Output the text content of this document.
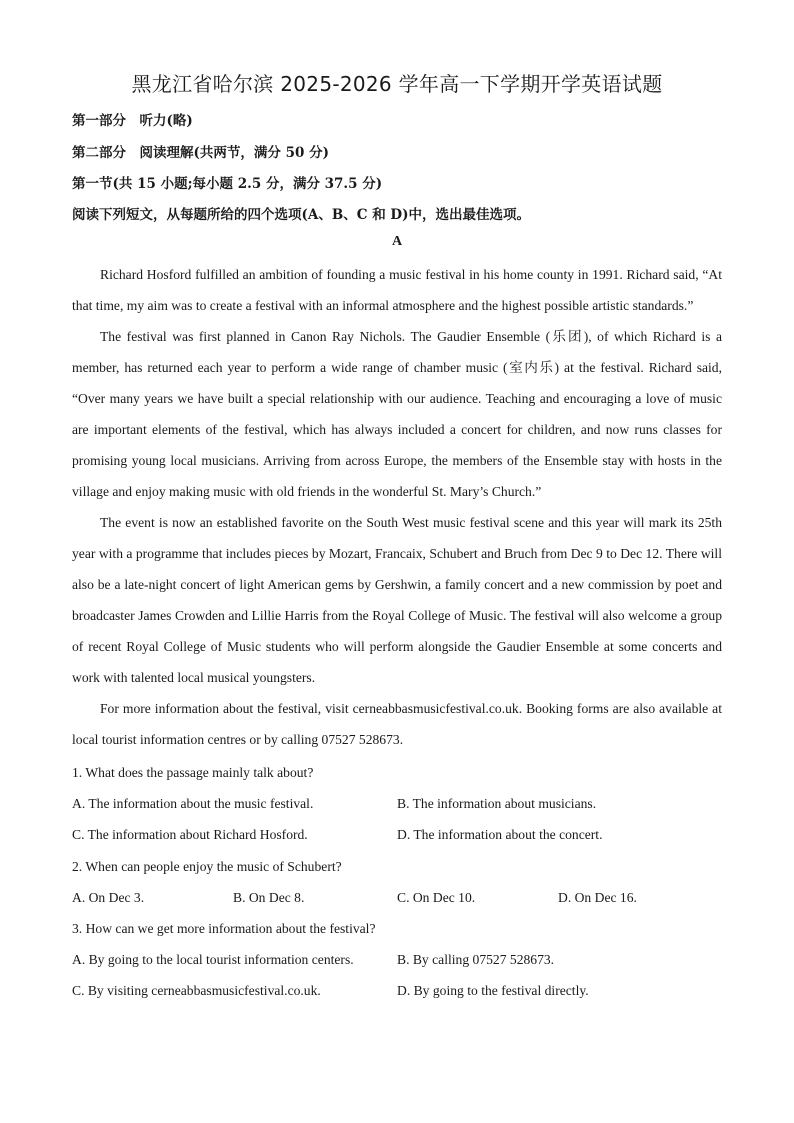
黑龙江省哈尔滨 2025-2026 学年高一下学期开学英语试题
第一部分　听力(略)
第二部分　阅读理解(共两节，满分 50 分)
第一节(共 15 小题;每小题 2.5 分，满分 37.5 分)
阅读下列短文，从每题所给的四个选项(A、B、C 和 D)中，选出最佳选项。
A

Richard Hosford fulfilled an ambition of founding a music festival in his home county in 1991. Richard said, “At that time, my aim was to create a festival with an informal atmosphere and the highest possible artistic standards.”

The festival was first planned in Canon Ray Nichols. The Gaudier Ensemble (乐团), of which Richard is a member, has returned each year to perform a wide range of chamber music (室内乐) at the festival. Richard said, “Over many years we have built a special relationship with our audience. Teaching and encouraging a love of music are important elements of the festival, which has always included a concert for children, and now runs classes for promising young local musicians. Arriving from across Europe, the members of the Ensemble stay with hosts in the village and enjoy making music with old friends in the wonderful St. Mary’s Church.”

The event is now an established favorite on the South West music festival scene and this year will mark its 25th year with a programme that includes pieces by Mozart, Francaix, Schubert and Bruch from Dec 9 to Dec 12. There will also be a late-night concert of light American gems by Gershwin, a family concert and a new commission by poet and broadcaster James Crowden and Lillie Harris from the Royal College of Music. The festival will also welcome a group of recent Royal College of Music students who will perform alongside the Gaudier Ensemble at some concerts and work with talented local musical youngsters.

For more information about the festival, visit cerneabbasmusicfestival.co.uk. Booking forms are also available at local tourist information centres or by calling 07527 528673.

1. What does the passage mainly talk about?
A. The information about the music festival.	B. The information about musicians.
C. The information about Richard Hosford.	D. The information about the concert.
2. When can people enjoy the music of Schubert?
A. On Dec 3.	B. On Dec 8.	C. On Dec 10.	D. On Dec 16.
3. How can we get more information about the festival?
A. By going to the local tourist information centers.	B. By calling 07527 528673.
C. By visiting cerneabbasmusicfestival.co.uk.	D. By going to the festival directly.
